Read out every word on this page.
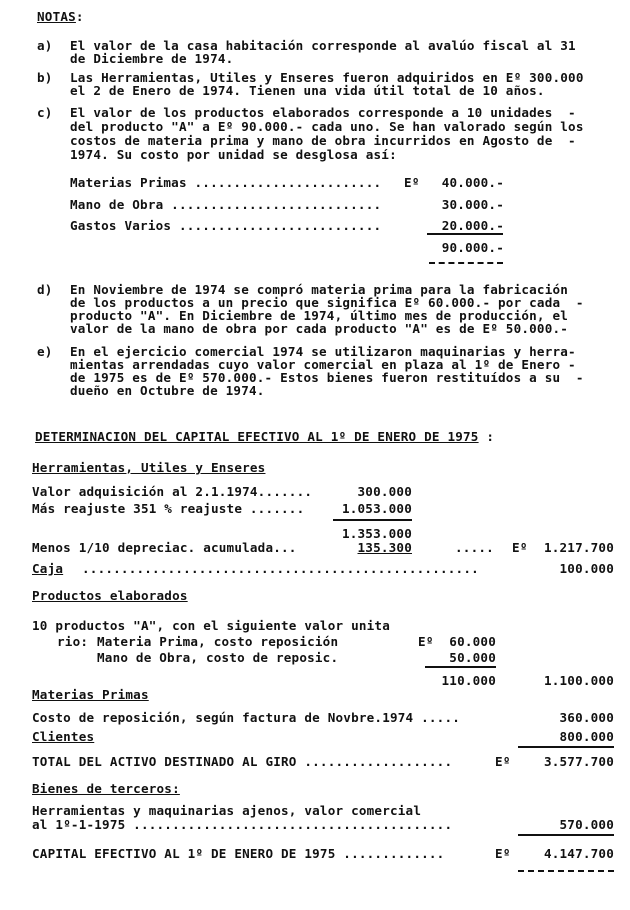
NOTAS:
a) El valor de la casa habitación corresponde al avalúo fiscal al 31
de Diciembre de 1974.
b) Las Herramientas, Utiles y Enseres fueron adquiridos en Eº 300.000
el 2 de Enero de 1974. Tienen una vida útil total de 10 años.
c) El valor de los productos elaborados corresponde a 10 unidades  -
del producto "A" a Eº 90.000.- cada uno. Se han valorado según los
costos de materia prima y mano de obra incurridos en Agosto de  -
1974. Su costo por unidad se desglosa así:
Materias Primas ........................ Eº	40.000.-
Mano de Obra ...........................	30.000.-
Gastos Varios ..........................	20.000.-
90.000.-
d) En Noviembre de 1974 se compró materia prima para la fabricación
de los productos a un precio que significa Eº 60.000.- por cada  -
producto "A". En Diciembre de 1974, último mes de producción, el
valor de la mano de obra por cada producto "A" es de Eº 50.000.-
e) En el ejercicio comercial 1974 se utilizaron maquinarias y herra-
mientas arrendadas cuyo valor comercial en plaza al 1º de Enero -
de 1975 es de Eº 570.000.- Estos bienes fueron restituídos a su  -
dueño en Octubre de 1974.
DETERMINACION DEL CAPITAL EFECTIVO AL 1º DE ENERO DE 1975 :
Herramientas, Utiles y Enseres
Valor adquisición al 2.1.1974.......	300.000
Más reajuste 351 % reajuste .......	1.053.000
1.353.000
Menos 1/10 depreciac. acumulada...	135.300	..... Eº	1.217.700
Caja ...................................................	100.000
Productos elaborados
10 productos "A", con el siguiente valor unita
rio: Materia Prima, costo reposición	Eº	60.000
Mano de Obra, costo de reposic.	50.000
110.000	1.100.000
Materias Primas
Costo de reposición, según factura de Novbre.1974 .....	360.000
Clientes	800.000
TOTAL DEL ACTIVO DESTINADO AL GIRO ...................	Eº	3.577.700
Bienes de terceros:
Herramientas y maquinarias ajenos, valor comercial
al 1º-1-1975 .........................................	570.000
CAPITAL EFECTIVO AL 1º DE ENERO DE 1975 .............	Eº	4.147.700
